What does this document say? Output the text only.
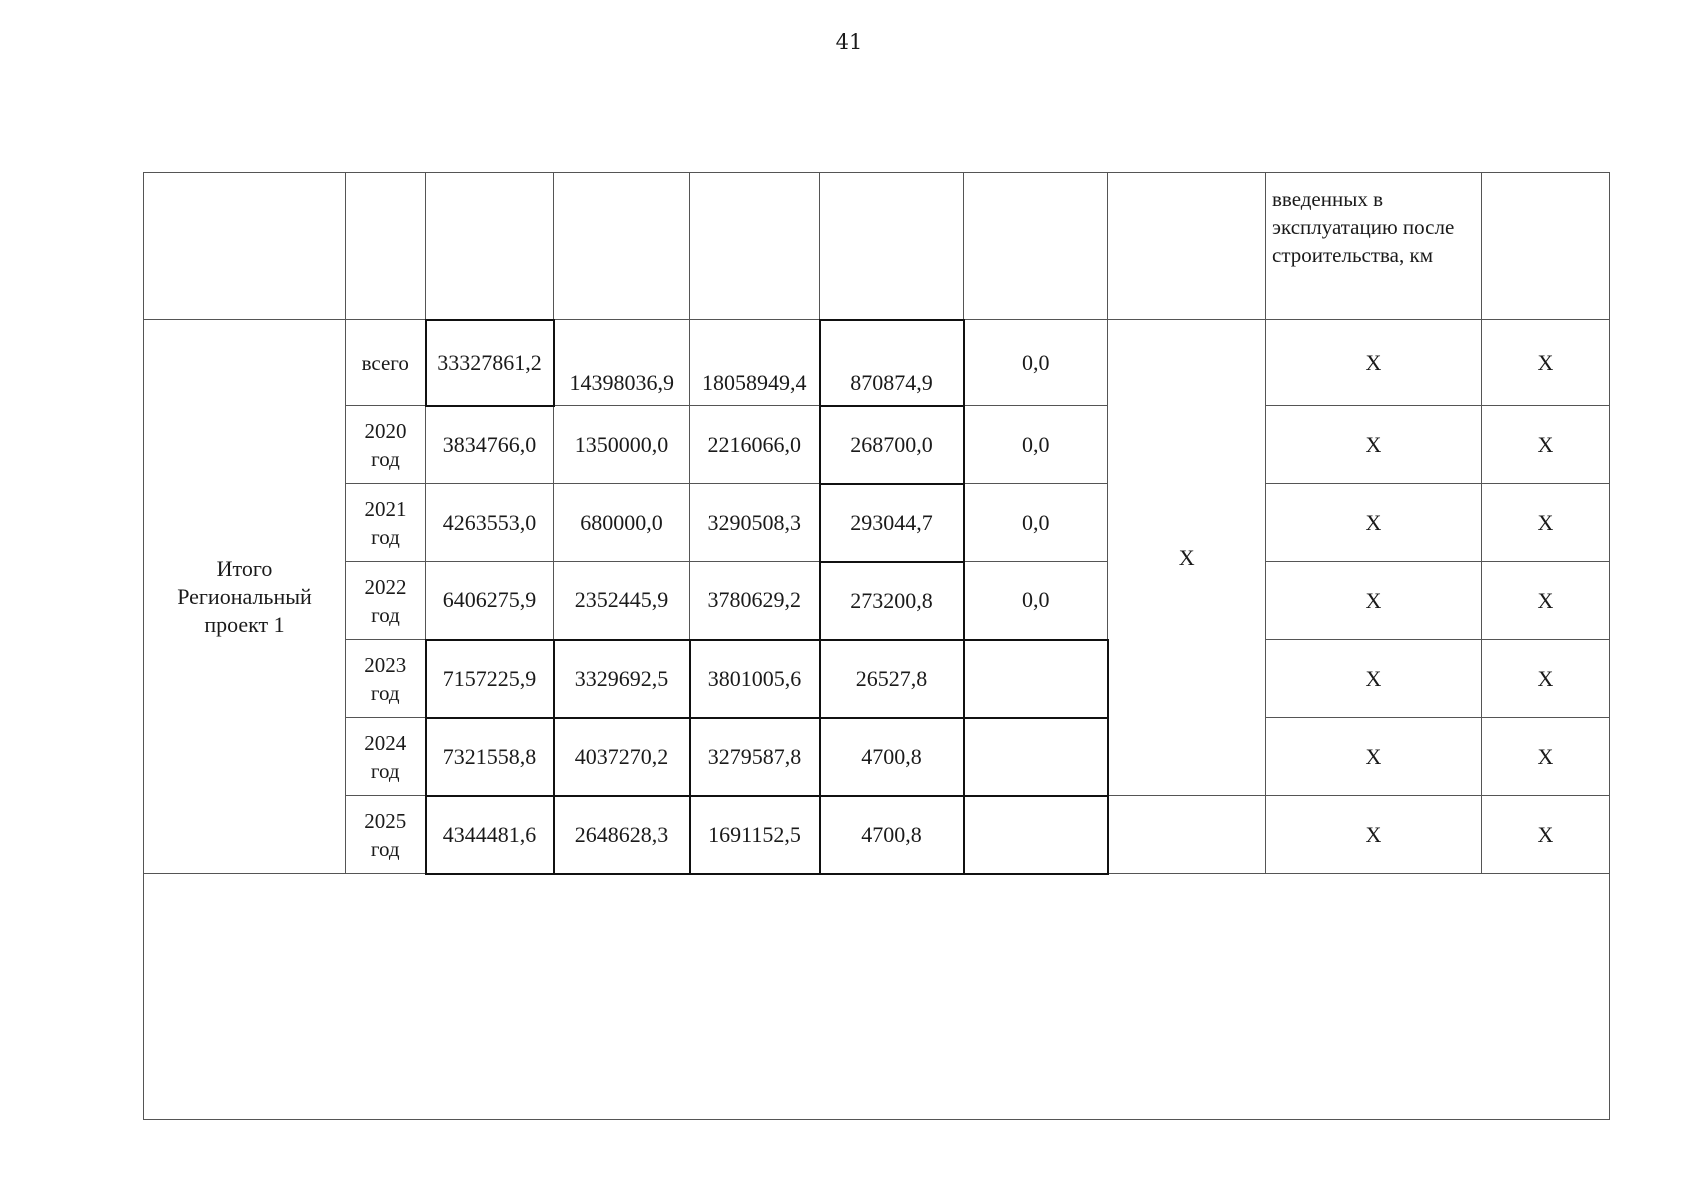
41
								введенных в эксплуатацию после строительства, км	
Итого Региональный проект 1	всего	33327861,2	14398036,9	18058949,4	870874,9	0,0	Х	Х	Х
	2020 год	3834766,0	1350000,0	2216066,0	268700,0	0,0		Х	Х
	2021 год	4263553,0	680000,0	3290508,3	293044,7	0,0		Х	Х
	2022 год	6406275,9	2352445,9	3780629,2	273200,8	0,0		Х	Х
	2023 год	7157225,9	3329692,5	3801005,6	26527,8			Х	Х
	2024 год	7321558,8	4037270,2	3279587,8	4700,8			Х	Х
	2025 год	4344481,6	2648628,3	1691152,5	4700,8			Х	Х
